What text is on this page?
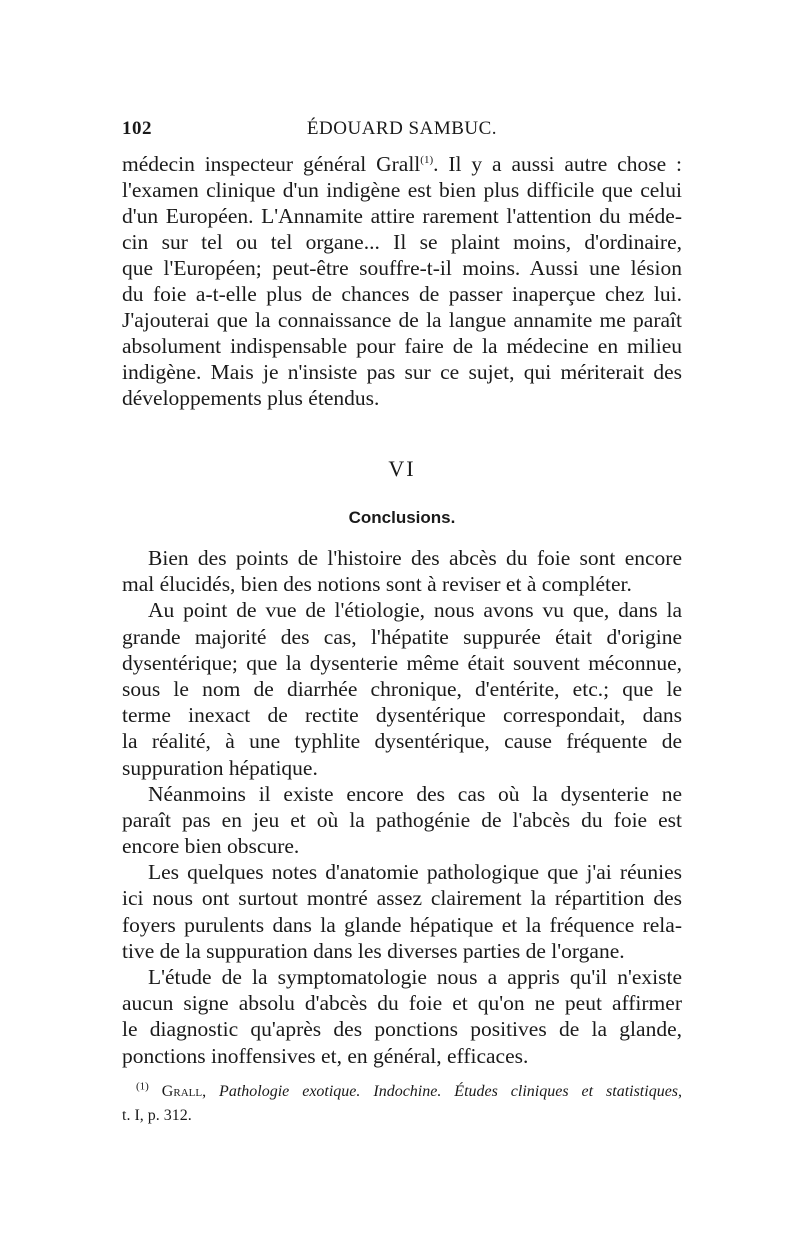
102	ÉDOUARD SAMBUC.
médecin inspecteur général Grall$^{(1)}$. Il y a aussi autre chose :
l'examen clinique d'un indigène est bien plus difficile que celui
d'un Européen. L'Annamite attire rarement l'attention du méde-
cin sur tel ou tel organe... Il se plaint moins, d'ordinaire,
que l'Européen; peut-être souffre-t-il moins. Aussi une lésion
du foie a-t-elle plus de chances de passer inaperçue chez lui.
J'ajouterai que la connaissance de la langue annamite me paraît
absolument indispensable pour faire de la médecine en milieu
indigène. Mais je n'insiste pas sur ce sujet, qui mériterait des
développements plus étendus.
VI
Conclusions.
Bien des points de l'histoire des abcès du foie sont encore
mal élucidés, bien des notions sont à reviser et à compléter.
Au point de vue de l'étiologie, nous avons vu que, dans la
grande majorité des cas, l'hépatite suppurée était d'origine
dysentérique; que la dysenterie même était souvent méconnue,
sous le nom de diarrhée chronique, d'entérite, etc.; que le
terme inexact de rectite dysentérique correspondait, dans
la réalité, à une typhlite dysentérique, cause fréquente de
suppuration hépatique.
Néanmoins il existe encore des cas où la dysenterie ne
paraît pas en jeu et où la pathogénie de l'abcès du foie est
encore bien obscure.
Les quelques notes d'anatomie pathologique que j'ai réunies
ici nous ont surtout montré assez clairement la répartition des
foyers purulents dans la glande hépatique et la fréquence rela-
tive de la suppuration dans les diverses parties de l'organe.
L'étude de la symptomatologie nous a appris qu'il n'existe
aucun signe absolu d'abcès du foie et qu'on ne peut affirmer
le diagnostic qu'après des ponctions positives de la glande,
ponctions inoffensives et, en général, efficaces.
$^{(1)}$ Grall, Pathologie exotique. Indochine. Études cliniques et statistiques,
t. I, p. 312.
